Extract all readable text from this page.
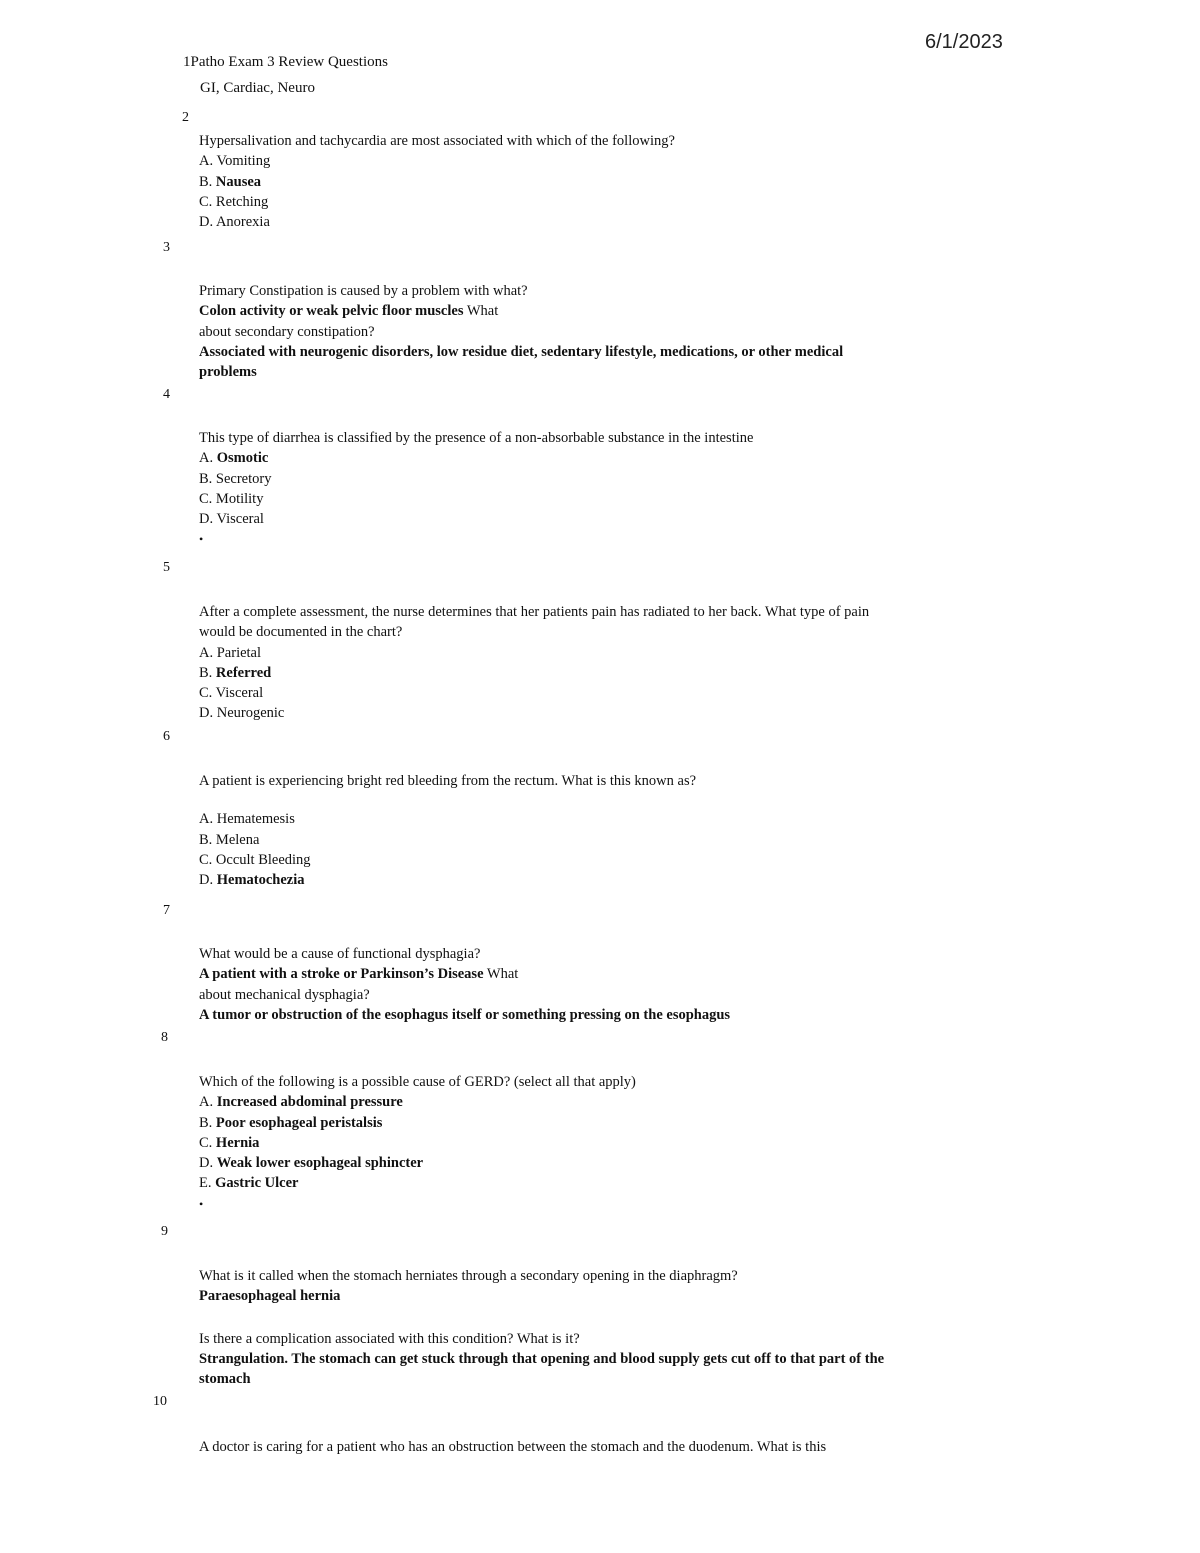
6/1/2023
1Patho Exam 3 Review Questions
GI, Cardiac, Neuro
2
Hypersalivation and tachycardia are most associated with which of the following?
A. Vomiting
B. Nausea
C. Retching
D. Anorexia
3
Primary Constipation is caused by a problem with what?
Colon activity or weak pelvic floor muscles What
about secondary constipation?
Associated with neurogenic disorders, low residue diet, sedentary lifestyle, medications, or other medical problems
4
This type of diarrhea is classified by the presence of a non-absorbable substance in the intestine
A. Osmotic
B. Secretory
C. Motility
D. Visceral
•
5
After a complete assessment, the nurse determines that her patients pain has radiated to her back. What type of pain would be documented in the chart?
A. Parietal
B. Referred
C. Visceral
D. Neurogenic
6
A patient is experiencing bright red bleeding from the rectum. What is this known as?
A. Hematemesis
B. Melena
C. Occult Bleeding
D. Hematochezia
7
What would be a cause of functional dysphagia?
A patient with a stroke or Parkinson’s Disease What
about mechanical dysphagia?
A tumor or obstruction of the esophagus itself or something pressing on the esophagus
8
Which of the following is a possible cause of GERD? (select all that apply)
A. Increased abdominal pressure
B. Poor esophageal peristalsis
C. Hernia
D. Weak lower esophageal sphincter
E. Gastric Ulcer
•
9
What is it called when the stomach herniates through a secondary opening in the diaphragm?
Paraesophageal hernia
Is there a complication associated with this condition? What is it?
Strangulation. The stomach can get stuck through that opening and blood supply gets cut off to that part of the stomach
10
A doctor is caring for a patient who has an obstruction between the stomach and the duodenum. What is this
